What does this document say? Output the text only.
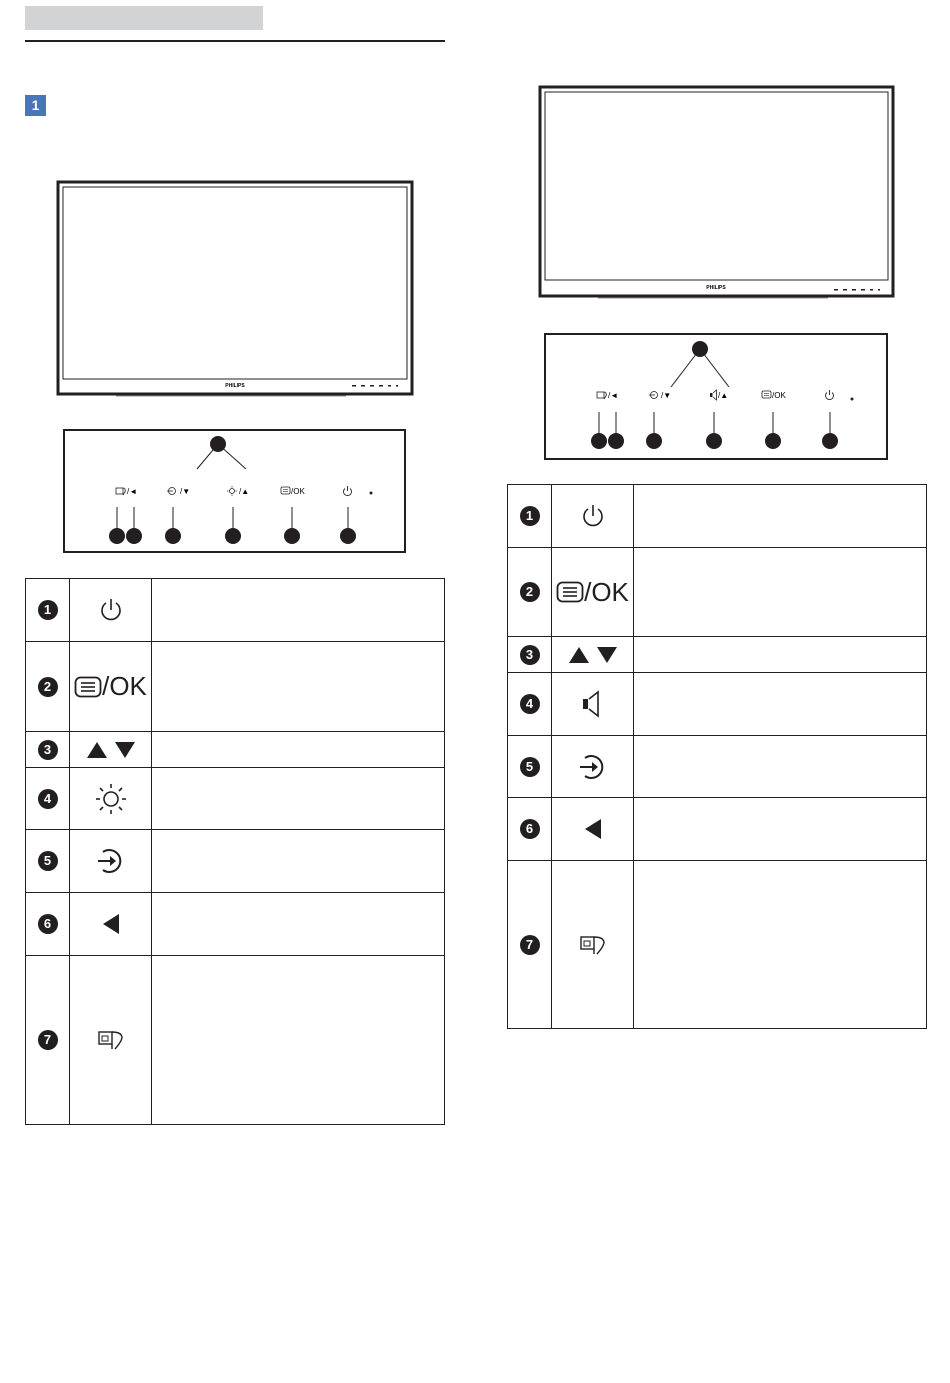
1
PHILIPS
/◄	/▼	/▲	/OK
1		
2	/OK	
3		
4		
5		
6		
7		
PHILIPS
/◄	/▼	/▲	/OK
1		
2	/OK	
3		
4		
5		
6		
7		
